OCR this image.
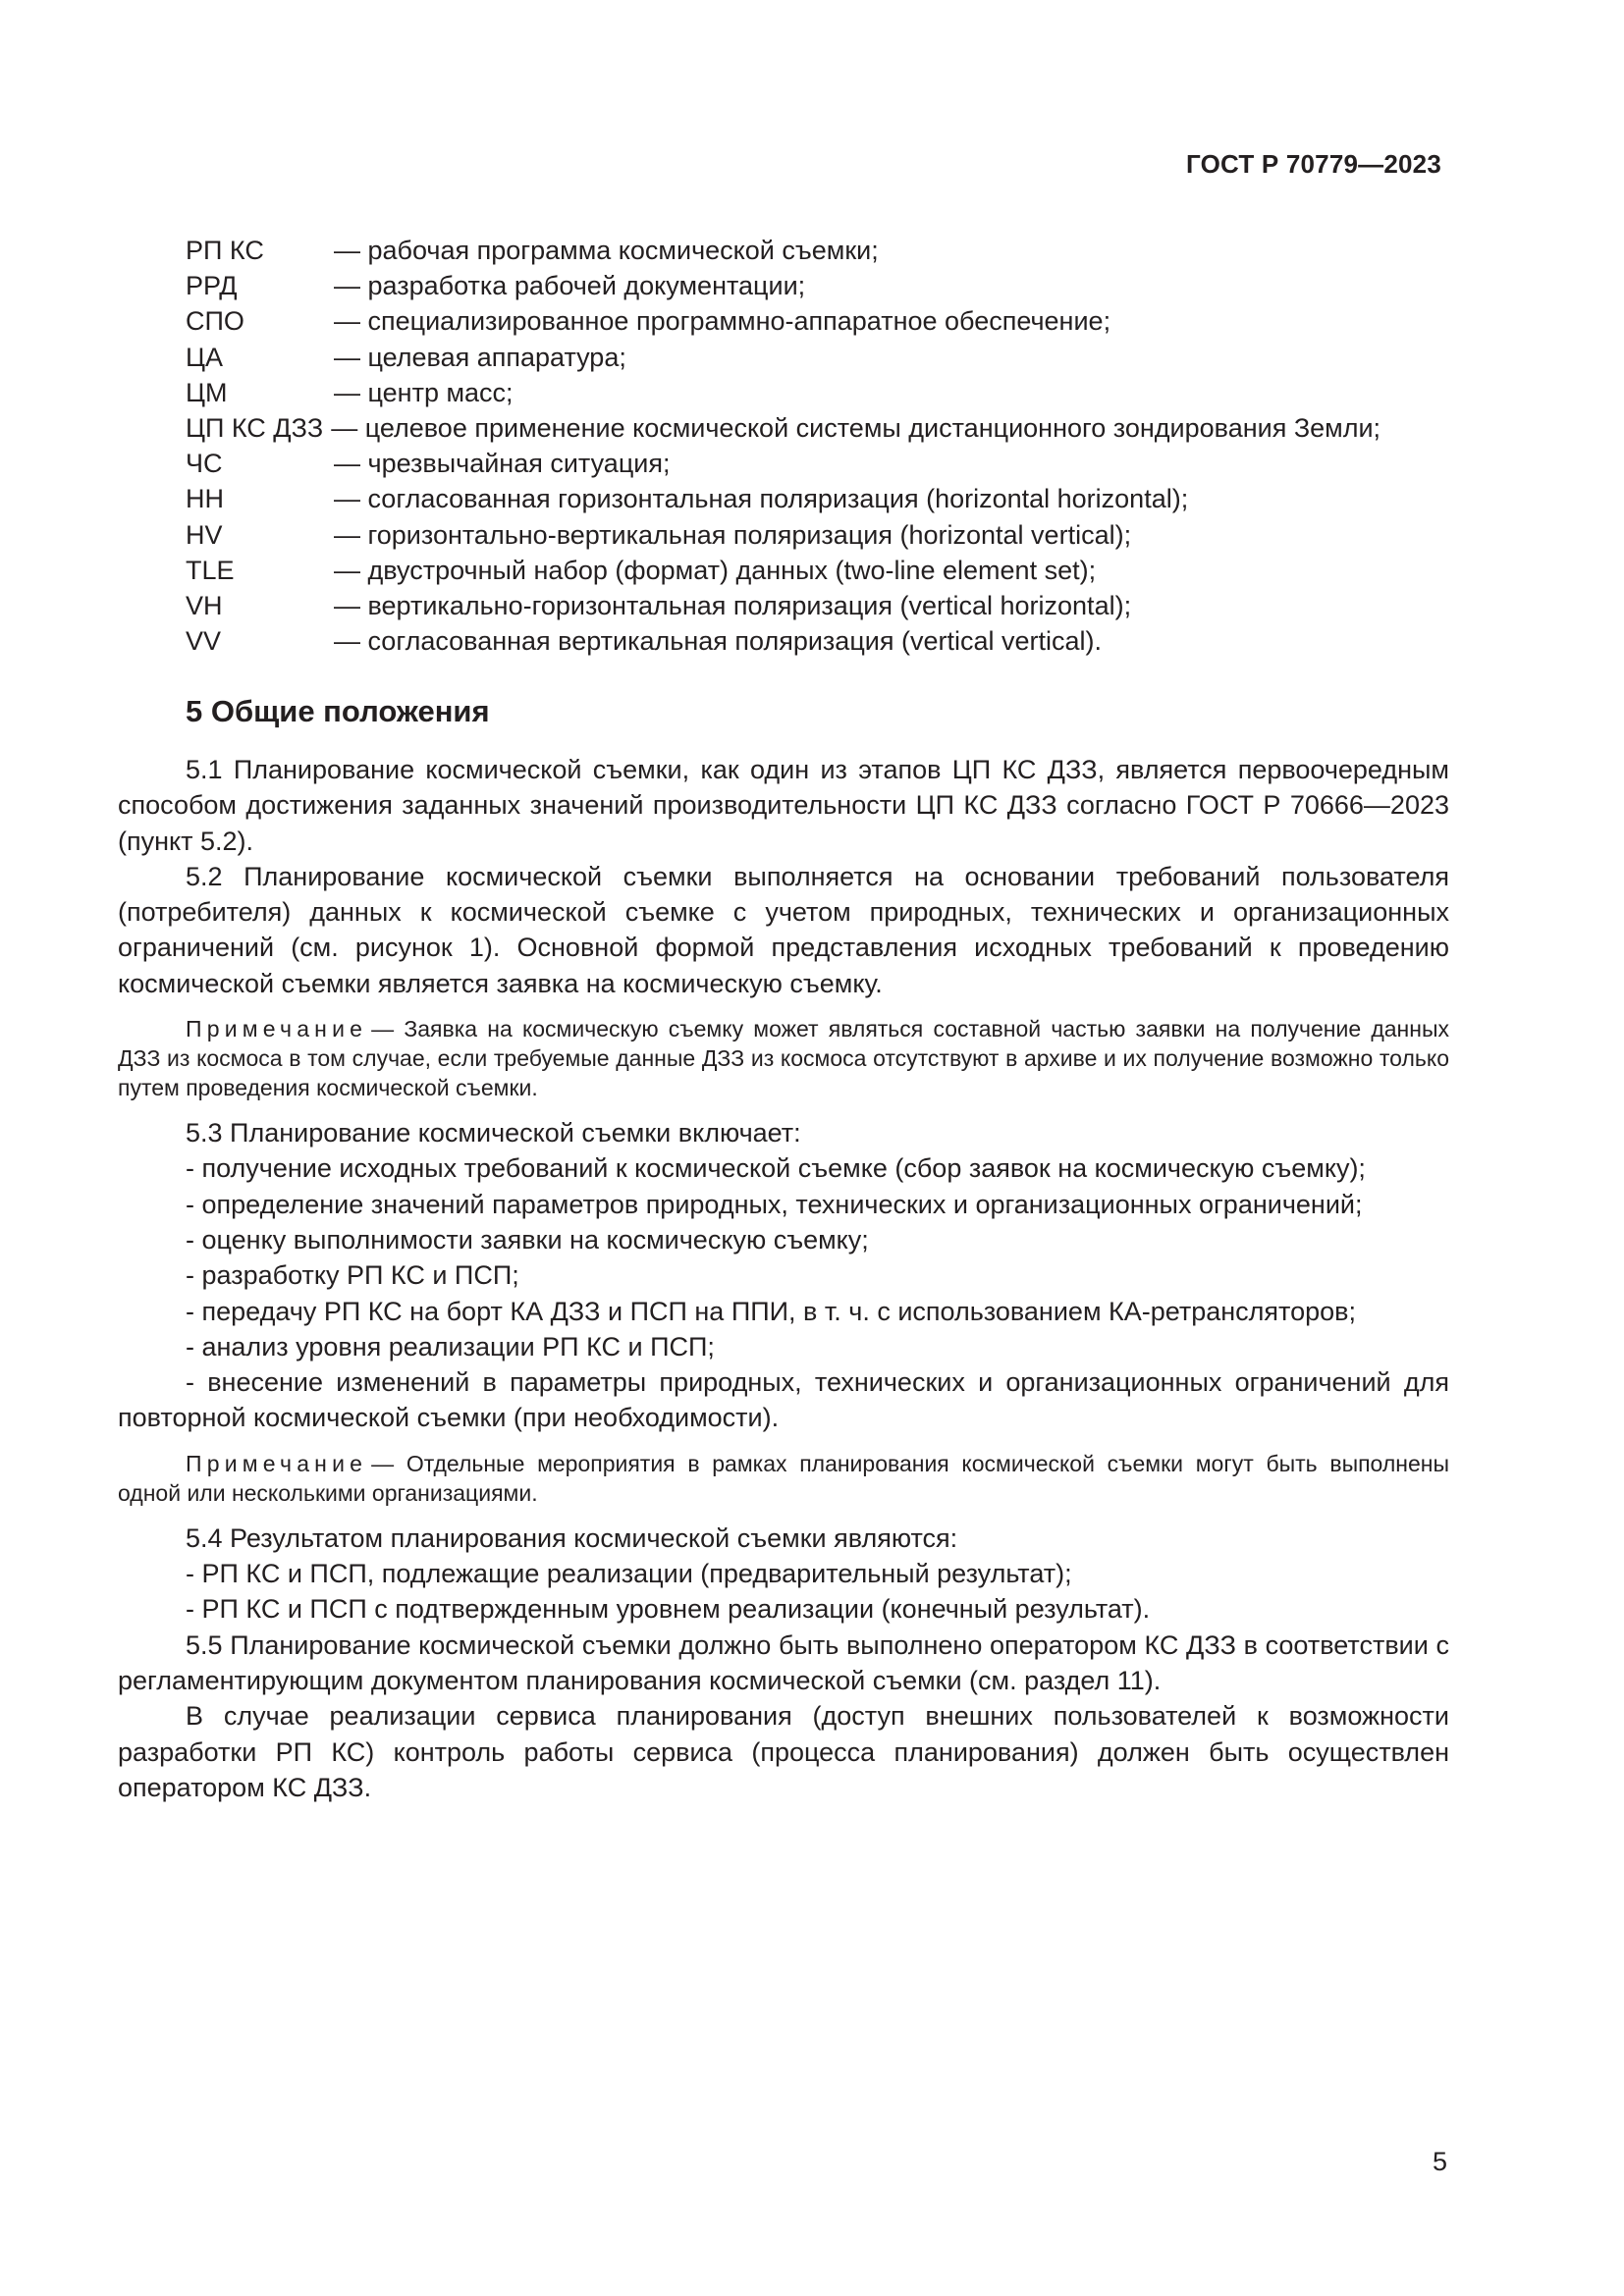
ГОСТ Р 70779—2023
РП КС	— рабочая программа космической съемки;
РРД	— разработка рабочей документации;
СПО	— специализированное программно-аппаратное обеспечение;
ЦА	— целевая аппаратура;
ЦМ	— центр масс;
ЦП КС ДЗЗ — целевое применение космической системы дистанционного зондирования Земли;
ЧС	— чрезвычайная ситуация;
HH	— согласованная горизонтальная поляризация (horizontal horizontal);
HV	— горизонтально-вертикальная поляризация (horizontal vertical);
TLE	— двустрочный набор (формат) данных (two-line element set);
VH	— вертикально-горизонтальная поляризация (vertical horizontal);
VV	— согласованная вертикальная поляризация (vertical vertical).
5 Общие положения

5.1 Планирование космической съемки, как один из этапов ЦП КС ДЗЗ, является первоочередным способом достижения заданных значений производительности ЦП КС ДЗЗ согласно ГОСТ Р 70666—2023 (пункт 5.2).

5.2 Планирование космической съемки выполняется на основании требований пользователя (потребителя) данных к космической съемке с учетом природных, технических и организационных ограничений (см. рисунок 1). Основной формой представления исходных требований к проведению космической съемки является заявка на космическую съемку.

Примечание — Заявка на космическую съемку может являться составной частью заявки на получение данных ДЗЗ из космоса в том случае, если требуемые данные ДЗЗ из космоса отсутствуют в архиве и их получение возможно только путем проведения космической съемки.

5.3 Планирование космической съемки включает:

- получение исходных требований к космической съемке (сбор заявок на космическую съемку);

- определение значений параметров природных, технических и организационных ограничений;

- оценку выполнимости заявки на космическую съемку;

- разработку РП КС и ПСП;

- передачу РП КС на борт КА ДЗЗ и ПСП на ППИ, в т. ч. с использованием КА-ретрансляторов;

- анализ уровня реализации РП КС и ПСП;

- внесение изменений в параметры природных, технических и организационных ограничений для повторной космической съемки (при необходимости).

Примечание — Отдельные мероприятия в рамках планирования космической съемки могут быть выполнены одной или несколькими организациями.

5.4 Результатом планирования космической съемки являются:

- РП КС и ПСП, подлежащие реализации (предварительный результат);

- РП КС и ПСП с подтвержденным уровнем реализации (конечный результат).

5.5 Планирование космической съемки должно быть выполнено оператором КС ДЗЗ в соответствии с регламентирующим документом планирования космической съемки (см. раздел 11).

В случае реализации сервиса планирования (доступ внешних пользователей к возможности разработки РП КС) контроль работы сервиса (процесса планирования) должен быть осуществлен оператором КС ДЗЗ.

5
